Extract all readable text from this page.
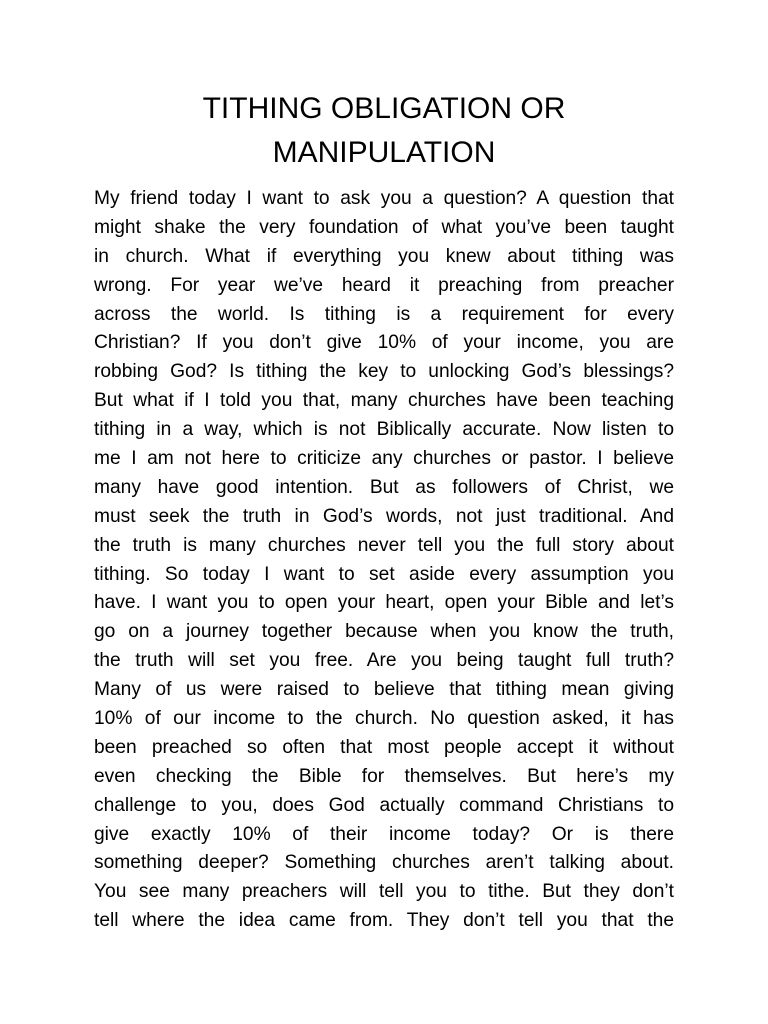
TITHING OBLIGATION OR
MANIPULATION
My friend today I want to ask you a question? A question that
might shake the very foundation of what you’ve been taught
in church. What if everything you knew about tithing was
wrong. For year we’ve heard it preaching from preacher
across the world. Is tithing is a requirement for every
Christian? If you don’t give 10% of your income, you are
robbing God? Is tithing the key to unlocking God’s blessings?
But what if I told you that, many churches have been teaching
tithing in a way, which is not Biblically accurate. Now listen to
me I am not here to criticize any churches or pastor. I believe
many have good intention. But as followers of Christ, we
must seek the truth in God’s words, not just traditional. And
the truth is many churches never tell you the full story about
tithing. So today I want to set aside every assumption you
have. I want you to open your heart, open your Bible and let’s
go on a journey together because when you know the truth,
the truth will set you free. Are you being taught full truth?
Many of us were raised to believe that tithing mean giving
10% of our income to the church. No question asked, it has
been preached so often that most people accept it without
even checking the Bible for themselves. But here’s my
challenge to you, does God actually command Christians to
give exactly 10% of their income today? Or is there
something deeper? Something churches aren’t talking about.
You see many preachers will tell you to tithe. But they don’t
tell where the idea came from. They don’t tell you that the
